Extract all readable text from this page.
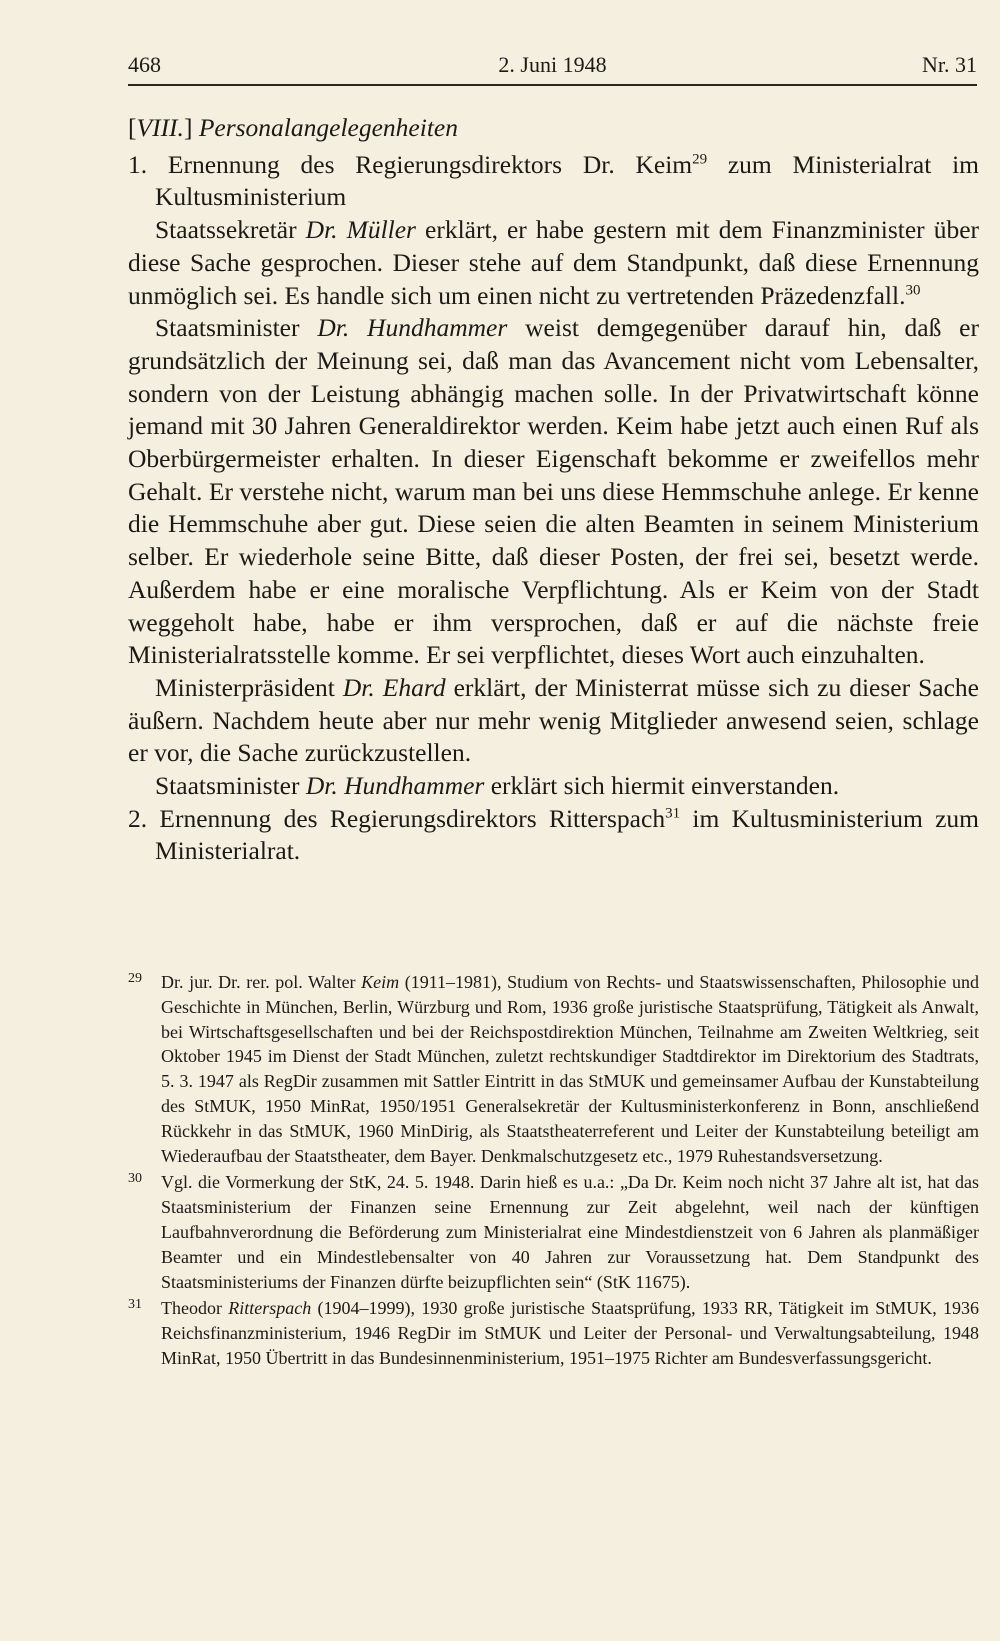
468	2. Juni 1948	Nr. 31

[VIII.] Personalangelegenheiten

1. Ernennung des Regierungsdirektors Dr. Keim$^{29}$ zum Ministerialrat im Kultusministerium

Staatssekretär Dr. Müller erklärt, er habe gestern mit dem Finanzminister über diese Sache gesprochen. Dieser stehe auf dem Standpunkt, daß diese Ernennung unmöglich sei. Es handle sich um einen nicht zu vertretenden Präzedenzfall.$^{30}$

Staatsminister Dr. Hundhammer weist demgegenüber darauf hin, daß er grundsätzlich der Meinung sei, daß man das Avancement nicht vom Lebensalter, sondern von der Leistung abhängig machen solle. In der Privatwirtschaft könne jemand mit 30 Jahren Generaldirektor werden. Keim habe jetzt auch einen Ruf als Oberbürgermeister erhalten. In dieser Eigenschaft bekomme er zweifellos mehr Gehalt. Er verstehe nicht, warum man bei uns diese Hemmschuhe anlege. Er kenne die Hemmschuhe aber gut. Diese seien die alten Beamten in seinem Ministerium selber. Er wiederhole seine Bitte, daß dieser Posten, der frei sei, besetzt werde. Außerdem habe er eine moralische Verpflichtung. Als er Keim von der Stadt weggeholt habe, habe er ihm versprochen, daß er auf die nächste freie Ministerialratsstelle komme. Er sei verpflichtet, dieses Wort auch einzuhalten.

Ministerpräsident Dr. Ehard erklärt, der Ministerrat müsse sich zu dieser Sache äußern. Nachdem heute aber nur mehr wenig Mitglieder anwesend seien, schlage er vor, die Sache zurückzustellen.

Staatsminister Dr. Hundhammer erklärt sich hiermit einverstanden.

2. Ernennung des Regierungsdirektors Ritterspach$^{31}$ im Kultusministerium zum Ministerialrat.

29 Dr. jur. Dr. rer. pol. Walter Keim (1911–1981), Studium von Rechts- und Staatswissenschaften, Philosophie und Geschichte in München, Berlin, Würzburg und Rom, 1936 große juristische Staatsprüfung, Tätigkeit als Anwalt, bei Wirtschaftsgesellschaften und bei der Reichspostdirektion München, Teilnahme am Zweiten Weltkrieg, seit Oktober 1945 im Dienst der Stadt München, zuletzt rechtskundiger Stadtdirektor im Direktorium des Stadtrats, 5. 3. 1947 als RegDir zusammen mit Sattler Eintritt in das StMUK und gemeinsamer Aufbau der Kunstabteilung des StMUK, 1950 MinRat, 1950/1951 Generalsekretär der Kultusministerkonferenz in Bonn, anschließend Rückkehr in das StMUK, 1960 MinDirig, als Staatstheaterreferent und Leiter der Kunstabteilung beteiligt am Wiederaufbau der Staatstheater, dem Bayer. Denkmalschutzgesetz etc., 1979 Ruhestandsversetzung.

30 Vgl. die Vormerkung der StK, 24. 5. 1948. Darin hieß es u.a.: „Da Dr. Keim noch nicht 37 Jahre alt ist, hat das Staatsministerium der Finanzen seine Ernennung zur Zeit abgelehnt, weil nach der künftigen Laufbahnverordnung die Beförderung zum Ministerialrat eine Mindestdienstzeit von 6 Jahren als planmäßiger Beamter und ein Mindestlebensalter von 40 Jahren zur Voraussetzung hat. Dem Standpunkt des Staatsministeriums der Finanzen dürfte beizupflichten sein“ (StK 11675).

31 Theodor Ritterspach (1904–1999), 1930 große juristische Staatsprüfung, 1933 RR, Tätigkeit im StMUK, 1936 Reichsfinanzministerium, 1946 RegDir im StMUK und Leiter der Personal- und Verwaltungsabteilung, 1948 MinRat, 1950 Übertritt in das Bundesinnenministerium, 1951–1975 Richter am Bundesverfassungsgericht.
